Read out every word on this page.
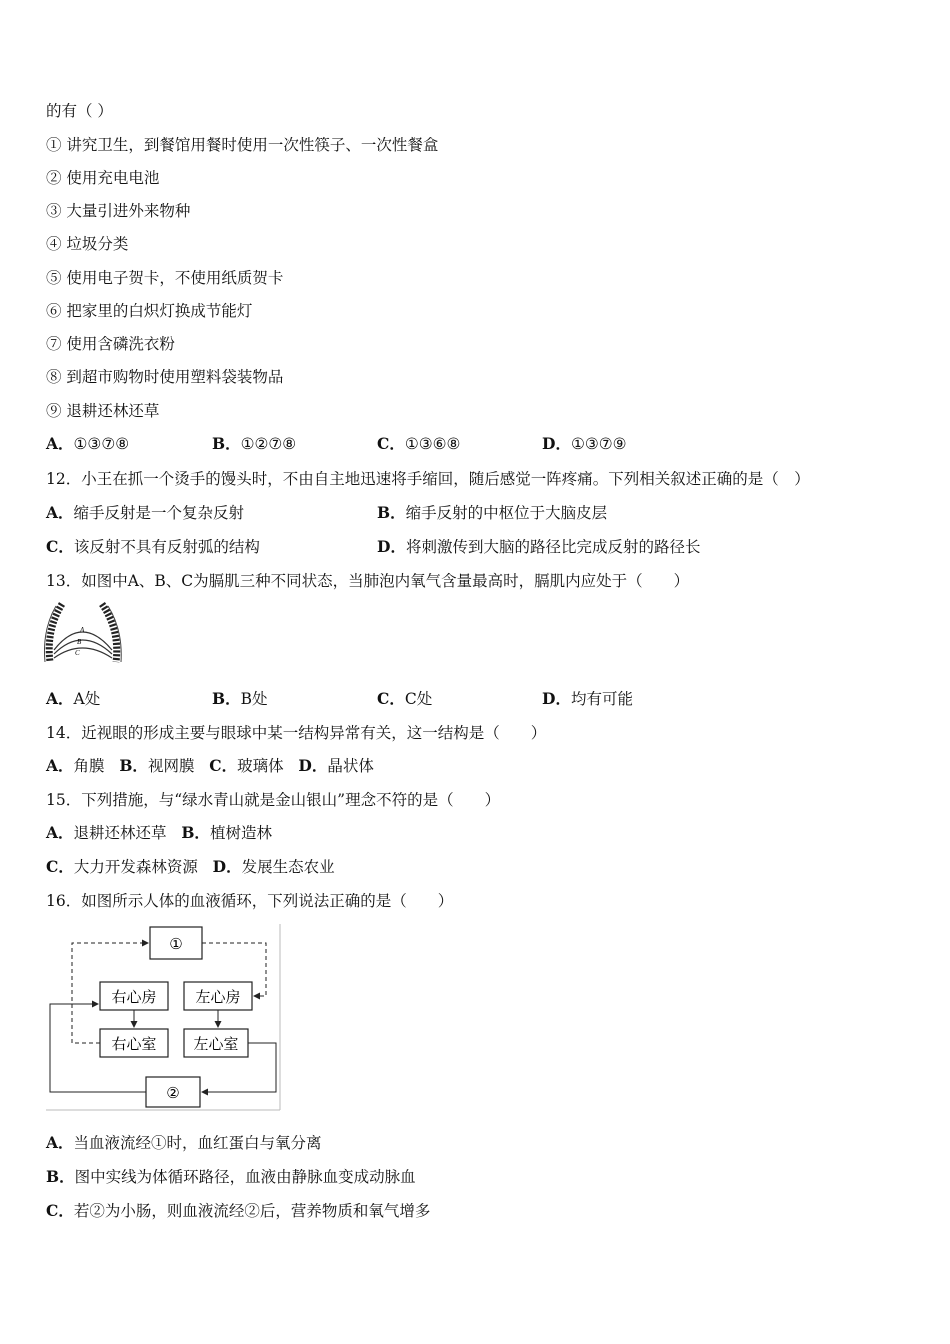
的有（ ）
① 讲究卫生，到餐馆用餐时使用一次性筷子、一次性餐盒
② 使用充电电池
③ 大量引进外来物种
④ 垃圾分类
⑤ 使用电子贺卡，不使用纸质贺卡
⑥ 把家里的白炽灯换成节能灯
⑦ 使用含磷洗衣粉
⑧ 到超市购物时使用塑料袋装物品
⑨ 退耕还林还草
A．①③⑦⑧	B．①②⑦⑧	C．①③⑥⑧	D．①③⑦⑨
12．小王在抓一个烫手的馒头时，不由自主地迅速将手缩回，随后感觉一阵疼痛。下列相关叙述正确的是（　）
A．缩手反射是一个复杂反射	B．缩手反射的中枢位于大脑皮层
C．该反射不具有反射弧的结构	D．将刺激传到大脑的路径比完成反射的路径长
13．如图中A、B、C为膈肌三种不同状态，当肺泡内氧气含量最高时，膈肌内应处于（　　）
A
B
C
A．A处	B．B处	C．C处	D．均有可能
14．近视眼的形成主要与眼球中某一结构异常有关，这一结构是（　　）
A．角膜 B．视网膜 C．玻璃体 D．晶状体
15．下列措施，与“绿水青山就是金山银山”理念不符的是（　　）
A．退耕还林还草 B．植树造林
C．大力开发森林资源 D．发展生态农业
16．如图所示人体的血液循环，下列说法正确的是（　　）
①
右心房	左心房
右心室 左心室
②
A．当血液流经①时，血红蛋白与氧分离
B．图中实线为体循环路径，血液由静脉血变成动脉血
C．若②为小肠，则血液流经②后，营养物质和氧气增多
